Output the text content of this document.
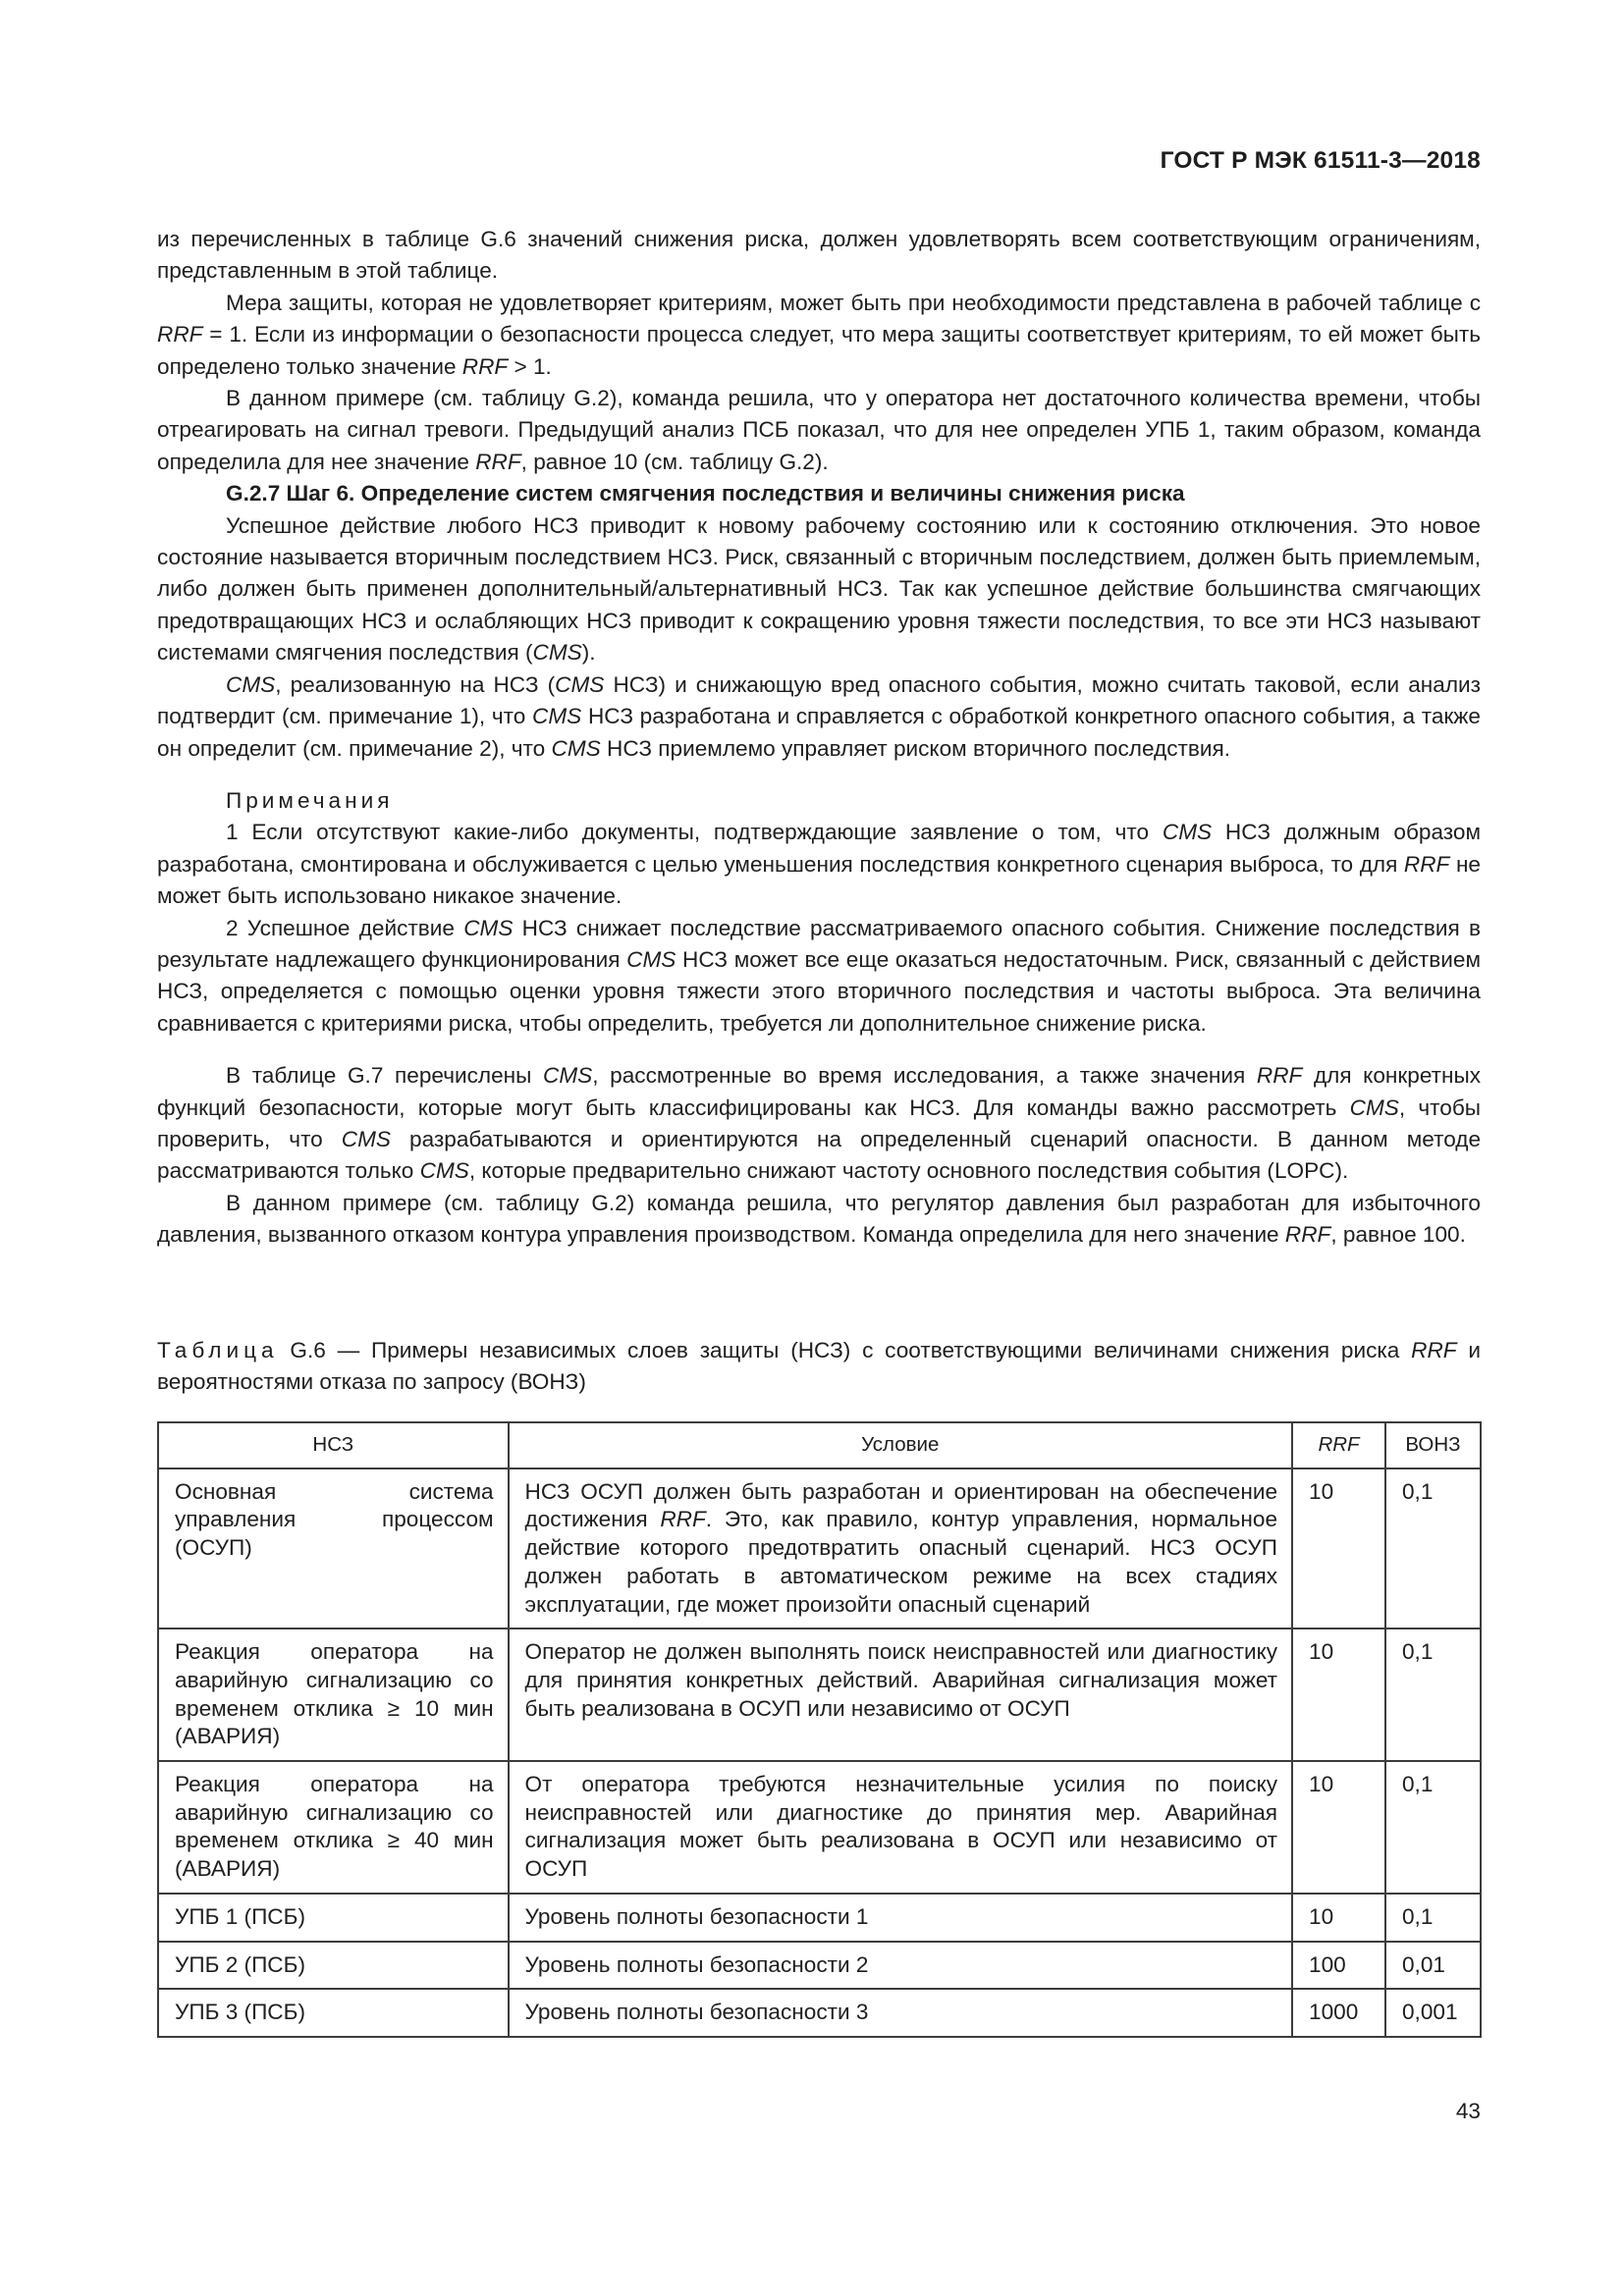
ГОСТ Р МЭК 61511-3—2018

из перечисленных в таблице G.6 значений снижения риска, должен удовлетворять всем соответствующим ограничениям, представленным в этой таблице.

Мера защиты, которая не удовлетворяет критериям, может быть при необходимости представлена в рабочей таблице с RRF = 1. Если из информации о безопасности процесса следует, что мера защиты соответствует критериям, то ей может быть определено только значение RRF > 1.

В данном примере (см. таблицу G.2), команда решила, что у оператора нет достаточного количества времени, чтобы отреагировать на сигнал тревоги. Предыдущий анализ ПСБ показал, что для нее определен УПБ 1, таким образом, команда определила для нее значение RRF, равное 10 (см. таблицу G.2).

G.2.7 Шаг 6. Определение систем смягчения последствия и величины снижения риска

Успешное действие любого НСЗ приводит к новому рабочему состоянию или к состоянию отключения. Это новое состояние называется вторичным последствием НСЗ. Риск, связанный с вторичным последствием, должен быть приемлемым, либо должен быть применен дополнительный/альтернативный НСЗ. Так как успешное действие большинства смягчающих предотвращающих НСЗ и ослабляющих НСЗ приводит к сокращению уровня тяжести последствия, то все эти НСЗ называют системами смягчения последствия (CMS).

CMS, реализованную на НСЗ (CMS НСЗ) и снижающую вред опасного события, можно считать таковой, если анализ подтвердит (см. примечание 1), что CMS НСЗ разработана и справляется с обработкой конкретного опасного события, а также он определит (см. примечание 2), что CMS НСЗ приемлемо управляет риском вторичного последствия.

Примечания

1 Если отсутствуют какие-либо документы, подтверждающие заявление о том, что CMS НСЗ должным образом разработана, смонтирована и обслуживается с целью уменьшения последствия конкретного сценария выброса, то для RRF не может быть использовано никакое значение.

2 Успешное действие CMS НСЗ снижает последствие рассматриваемого опасного события. Снижение последствия в результате надлежащего функционирования CMS НСЗ может все еще оказаться недостаточным. Риск, связанный с действием НСЗ, определяется с помощью оценки уровня тяжести этого вторичного последствия и частоты выброса. Эта величина сравнивается с критериями риска, чтобы определить, требуется ли дополнительное снижение риска.

В таблице G.7 перечислены CMS, рассмотренные во время исследования, а также значения RRF для конкретных функций безопасности, которые могут быть классифицированы как НСЗ. Для команды важно рассмотреть CMS, чтобы проверить, что CMS разрабатываются и ориентируются на определенный сценарий опасности. В данном методе рассматриваются только CMS, которые предварительно снижают частоту основного последствия события (LOPC).

В данном примере (см. таблицу G.2) команда решила, что регулятор давления был разработан для избыточного давления, вызванного отказом контура управления производством. Команда определила для него значение RRF, равное 100.

Таблица G.6 — Примеры независимых слоев защиты (НСЗ) с соответствующими величинами снижения риска RRF и вероятностями отказа по запросу (ВОНЗ)
НСЗ	Условие	RRF	ВОНЗ
Основная система управления процессом (ОСУП)	НСЗ ОСУП должен быть разработан и ориентирован на обеспечение достижения RRF. Это, как правило, контур управления, нормальное действие которого предотвратить опасный сценарий. НСЗ ОСУП должен работать в автоматическом режиме на всех стадиях эксплуатации, где может произойти опасный сценарий	10	0,1
Реакция оператора на аварийную сигнализацию со временем отклика ≥ 10 мин (АВАРИЯ)	Оператор не должен выполнять поиск неисправностей или диагностику для принятия конкретных действий. Аварийная сигнализация может быть реализована в ОСУП или независимо от ОСУП	10	0,1
Реакция оператора на аварийную сигнализацию со временем отклика ≥ 40 мин (АВАРИЯ)	От оператора требуются незначительные усилия по поиску неисправностей или диагностике до принятия мер. Аварийная сигнализация может быть реализована в ОСУП или независимо от ОСУП	10	0,1
УПБ 1 (ПСБ)	Уровень полноты безопасности 1	10	0,1
УПБ 2 (ПСБ)	Уровень полноты безопасности 2	100	0,01
УПБ 3 (ПСБ)	Уровень полноты безопасности 3	1000	0,001
43
